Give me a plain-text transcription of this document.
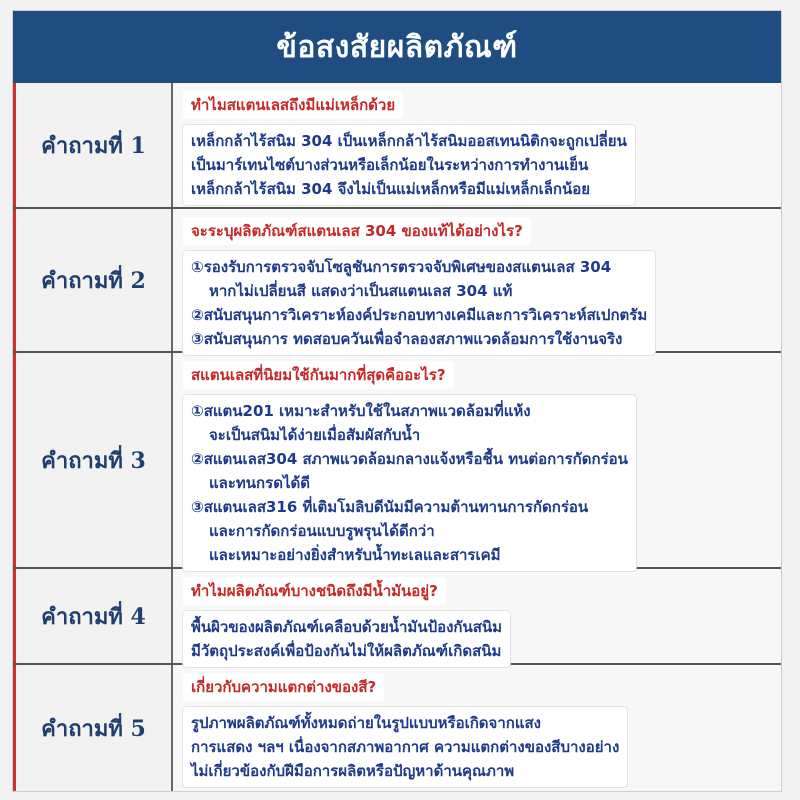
ข้อสงสัยผลิตภัณฑ์
คำถามที่ 1
ทำไมสแตนเลสถึงมีแม่เหล็กด้วย

เหล็กกล้าไร้สนิม 304 เป็นเหล็กกล้าไร้สนิมออสเทนนิติกจะถูกเปลี่ยน
เป็นมาร์เทนไซต์บางส่วนหรือเล็กน้อยในระหว่างการทำงานเย็น
เหล็กกล้าไร้สนิม 304 จึงไม่เป็นแม่เหล็กหรือมีแม่เหล็กเล็กน้อย
คำถามที่ 2
จะระบุผลิตภัณฑ์สแตนเลส 304 ของแท้ได้อย่างไร?

①รองรับการตรวจจับโซลูชันการตรวจจับพิเศษของสแตนเลส 304
หากไม่เปลี่ยนสี แสดงว่าเป็นสแตนเลส 304 แท้
②สนับสนุนการวิเคราะห์องค์ประกอบทางเคมีและการวิเคราะห์สเปกตรัม
③สนับสนุนการ ทดสอบควันเพื่อจำลองสภาพแวดล้อมการใช้งานจริง
คำถามที่ 3
สแตนเลสที่นิยมใช้กันมากที่สุดคืออะไร?

①สแตน201 เหมาะสำหรับใช้ในสภาพแวดล้อมที่แห้ง
จะเป็นสนิมได้ง่ายเมื่อสัมผัสกับน้ำ
②สแตนเลส304 สภาพแวดล้อมกลางแจ้งหรือชื้น ทนต่อการกัดกร่อน
และทนกรดได้ดี
③สแตนเลส316 ที่เติมโมลิบดีนัมมีความต้านทานการกัดกร่อน
และการกัดกร่อนแบบรูพรุนได้ดีกว่า
และเหมาะอย่างยิ่งสำหรับน้ำทะเลและสารเคมี
คำถามที่ 4
ทำไมผลิตภัณฑ์บางชนิดถึงมีน้ำมันอยู่?

พื้นผิวของผลิตภัณฑ์เคลือบด้วยน้ำมันป้องกันสนิม
มีวัตถุประสงค์เพื่อป้องกันไม่ให้ผลิตภัณฑ์เกิดสนิม
คำถามที่ 5
เกี่ยวกับความแตกต่างของสี?

รูปภาพผลิตภัณฑ์ทั้งหมดถ่ายในรูปแบบหรือเกิดจากแสง
การแสดง ฯลฯ เนื่องจากสภาพอากาศ ความแตกต่างของสีบางอย่าง
ไม่เกี่ยวข้องกับฝีมือการผลิตหรือปัญหาด้านคุณภาพ
